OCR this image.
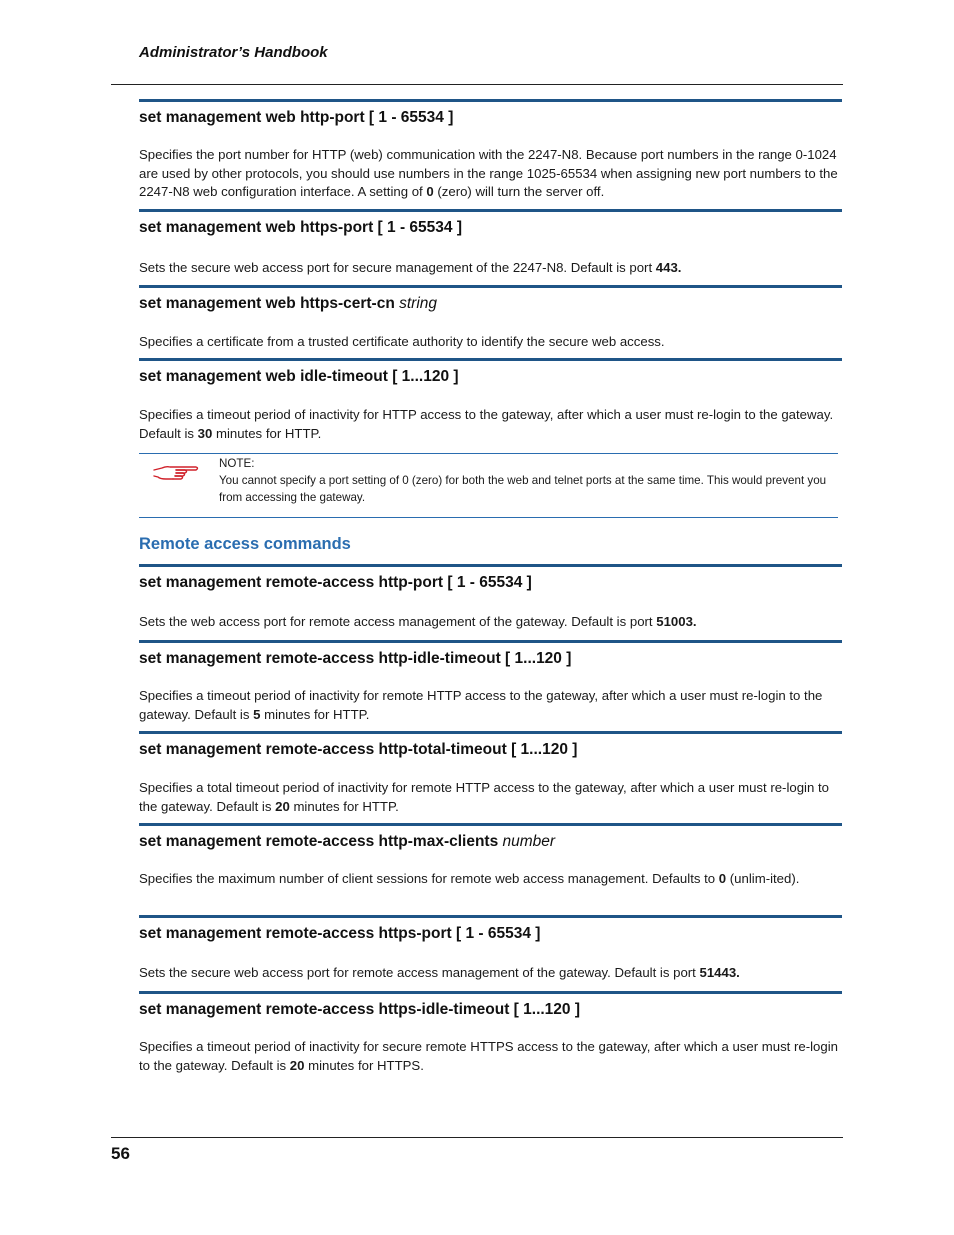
Administrator’s Handbook
set management web http-port [ 1 - 65534 ]
Specifies the port number for HTTP (web) communication with the 2247-N8. Because port numbers in the range 0-1024 are used by other protocols, you should use numbers in the range 1025-65534 when assigning new port numbers to the 2247-N8 web configuration interface. A setting of 0 (zero) will turn the server off.
set management web https-port [ 1 - 65534 ]
Sets the secure web access port for secure management of the 2247-N8. Default is port 443.
set management web https-cert-cn string
Specifies a certificate from a trusted certificate authority to identify the secure web access.
set management web idle-timeout [ 1...120 ]
Specifies a timeout period of inactivity for HTTP access to the gateway, after which a user must re-login to the gateway. Default is 30 minutes for HTTP.
NOTE:
You cannot specify a port setting of 0 (zero) for both the web and telnet ports at the same time. This would prevent you from accessing the gateway.
Remote access commands
set management remote-access http-port [ 1 - 65534 ]
Sets the web access port for remote access management of the gateway. Default is port 51003.
set management remote-access http-idle-timeout [ 1...120 ]
Specifies a timeout period of inactivity for remote HTTP access to the gateway, after which a user must re-login to the gateway. Default is 5 minutes for HTTP.
set management remote-access http-total-timeout [ 1...120 ]
Specifies a total timeout period of inactivity for remote HTTP access to the gateway, after which a user must re-login to the gateway. Default is 20 minutes for HTTP.
set management remote-access http-max-clients number
Specifies the maximum number of client sessions for remote web access management. Defaults to 0 (unlim-ited).
set management remote-access https-port [ 1 - 65534 ]
Sets the secure web access port for remote access management of the gateway. Default is port 51443.
set management remote-access https-idle-timeout [ 1...120 ]
Specifies a timeout period of inactivity for secure remote HTTPS access to the gateway, after which a user must re-login to the gateway. Default is 20 minutes for HTTPS.
56
